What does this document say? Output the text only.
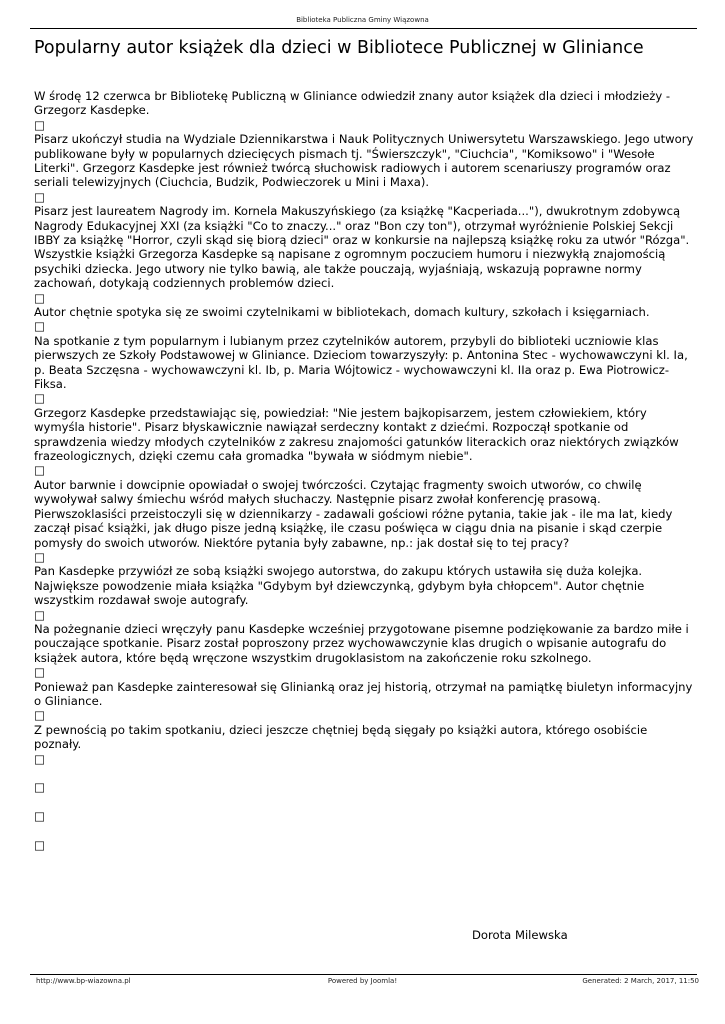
Biblioteka Publiczna Gminy Wiązowna
Popularny autor książek dla dzieci w Bibliotece Publicznej w Gliniance

W środę 12 czerwca br Bibliotekę Publiczną w Gliniance odwiedził znany autor książek dla dzieci i młodzieży - Grzegorz Kasdepke.

□

Pisarz ukończył studia na Wydziale Dziennikarstwa i Nauk Politycznych Uniwersytetu Warszawskiego. Jego utwory publikowane były w popularnych dziecięcych pismach tj. "Świerszczyk", "Ciuchcia", "Komiksowo" i "Wesołe Literki". Grzegorz Kasdepke jest również twórcą słuchowisk radiowych i autorem scenariuszy programów oraz seriali telewizyjnych (Ciuchcia, Budzik, Podwieczorek u Mini i Maxa).

□

Pisarz jest laureatem Nagrody im. Kornela Makuszyńskiego (za książkę "Kacperiada..."), dwukrotnym zdobywcą Nagrody Edukacyjnej XXI (za książki "Co to znaczy..." oraz "Bon czy ton"), otrzymał wyróżnienie Polskiej Sekcji IBBY za książkę "Horror, czyli skąd się biorą dzieci" oraz w konkursie na najlepszą książkę roku za utwór "Rózga".
Wszystkie książki Grzegorza Kasdepke są napisane z ogromnym poczuciem humoru i niezwykłą znajomością psychiki dziecka. Jego utwory nie tylko bawią, ale także pouczają, wyjaśniają, wskazują poprawne normy zachowań, dotykają codziennych problemów dzieci.

□

Autor chętnie spotyka się ze swoimi czytelnikami w bibliotekach, domach kultury, szkołach i księgarniach.

□

Na spotkanie z tym popularnym i lubianym przez czytelników autorem, przybyli do biblioteki uczniowie klas pierwszych ze Szkoły Podstawowej w Gliniance. Dzieciom towarzyszyły: p. Antonina Stec - wychowawczyni kl. Ia, p. Beata Szczęsna - wychowawczyni kl. Ib, p. Maria Wójtowicz - wychowawczyni kl. IIa oraz p. Ewa Piotrowicz-Fiksa.

□

Grzegorz Kasdepke przedstawiając się, powiedział: "Nie jestem bajkopisarzem, jestem człowiekiem, który wymyśla historie". Pisarz błyskawicznie nawiązał serdeczny kontakt z dziećmi. Rozpoczął spotkanie od sprawdzenia wiedzy młodych czytelników z zakresu znajomości gatunków literackich oraz niektórych związków frazeologicznych, dzięki czemu cała gromadka "bywała w siódmym niebie".

□

Autor barwnie i dowcipnie opowiadał o swojej twórczości. Czytając fragmenty swoich utworów, co chwilę wywoływał salwy śmiechu wśród małych słuchaczy. Następnie pisarz zwołał konferencję prasową. Pierwszoklasiści przeistoczyli się w dziennikarzy - zadawali gościowi różne pytania, takie jak - ile ma lat, kiedy zaczął pisać książki, jak długo pisze jedną książkę, ile czasu poświęca w ciągu dnia na pisanie i skąd czerpie pomysły do swoich utworów. Niektóre pytania były zabawne, np.: jak dostał się to tej pracy?

□

Pan Kasdepke przywiózł ze sobą książki swojego autorstwa, do zakupu których ustawiła się duża kolejka. Największe powodzenie miała książka "Gdybym był dziewczynką, gdybym była chłopcem". Autor chętnie wszystkim rozdawał swoje autografy.

□

Na pożegnanie dzieci wręczyły panu Kasdepke wcześniej przygotowane pisemne podziękowanie za bardzo miłe i pouczające spotkanie. Pisarz został poproszony przez wychowawczynie klas drugich o wpisanie autografu do książek autora, które będą wręczone wszystkim drugoklasistom na zakończenie roku szkolnego.

□

Ponieważ pan Kasdepke zainteresował się Glinianką oraz jej historią, otrzymał na pamiątkę biuletyn informacyjny o Gliniance.

□

Z pewnością po takim spotkaniu, dzieci jeszcze chętniej będą sięgały po książki autora, którego osobiście poznały.

□
□
□
□
Dorota Milewska
http://www.bp-wiazowna.pl	Powered by Joomla!	Generated: 2 March, 2017, 11:50
